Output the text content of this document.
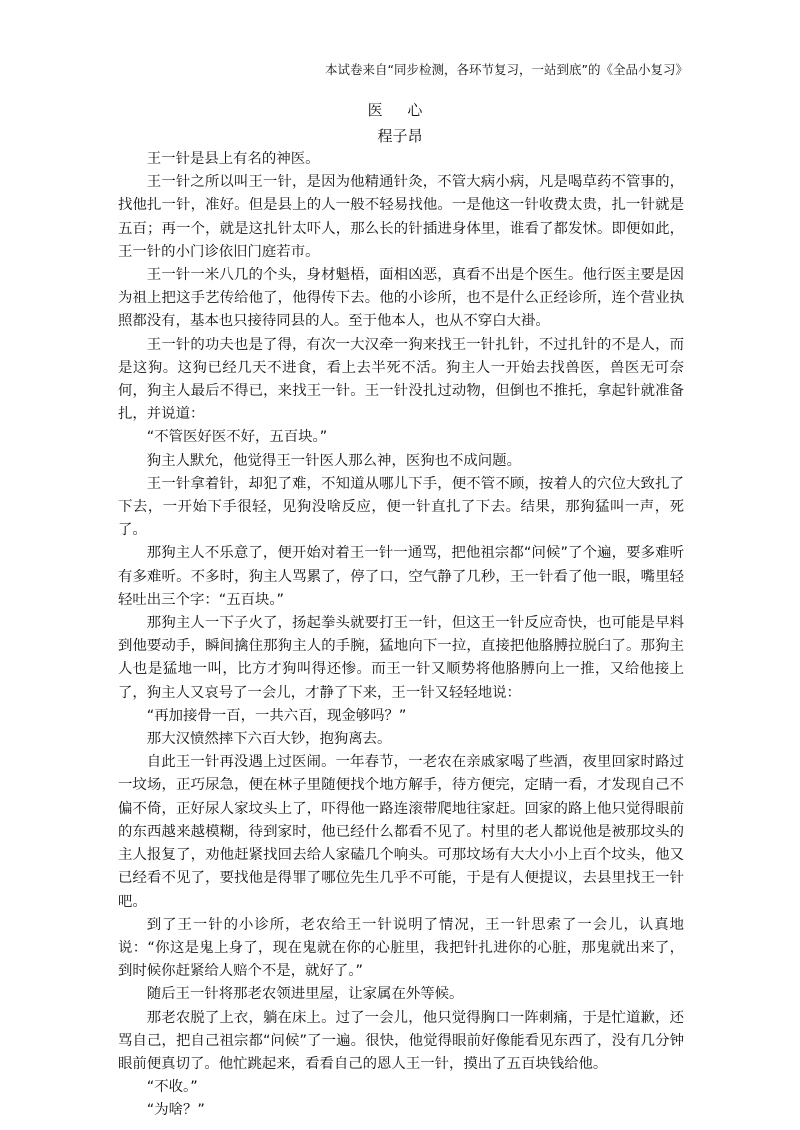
本试卷来自“同步检测，各环节复习，一站到底”的《全品小复习》
医 心
程子昂

王一针是县上有名的神医。

王一针之所以叫王一针，是因为他精通针灸，不管大病小病，凡是喝草药不管事的，找他扎一针，准好。但是县上的人一般不轻易找他。一是他这一针收费太贵，扎一针就是五百；再一个，就是这扎针太吓人，那么长的针插进身体里，谁看了都发怵。即便如此，王一针的小门诊依旧门庭若市。

王一针一米八几的个头，身材魁梧，面相凶恶，真看不出是个医生。他行医主要是因为祖上把这手艺传给他了，他得传下去。他的小诊所，也不是什么正经诊所，连个营业执照都没有，基本也只接待同县的人。至于他本人，也从不穿白大褂。

王一针的功夫也是了得，有次一大汉牵一狗来找王一针扎针，不过扎针的不是人，而是这狗。这狗已经几天不进食，看上去半死不活。狗主人一开始去找兽医，兽医无可奈何，狗主人最后不得已，来找王一针。王一针没扎过动物，但倒也不推托，拿起针就准备扎，并说道：

“不管医好医不好，五百块。”

狗主人默允，他觉得王一针医人那么神，医狗也不成问题。

王一针拿着针，却犯了难，不知道从哪儿下手，便不管不顾，按着人的穴位大致扎了下去，一开始下手很轻，见狗没啥反应，便一针直扎了下去。结果，那狗猛叫一声，死了。

那狗主人不乐意了，便开始对着王一针一通骂，把他祖宗都“问候”了个遍，要多难听有多难听。不多时，狗主人骂累了，停了口，空气静了几秒，王一针看了他一眼，嘴里轻轻吐出三个字：“五百块。”

那狗主人一下子火了，扬起拳头就要打王一针，但这王一针反应奇快，也可能是早料到他要动手，瞬间擒住那狗主人的手腕，猛地向下一拉，直接把他胳膊拉脱臼了。那狗主人也是猛地一叫，比方才狗叫得还惨。而王一针又顺势将他胳膊向上一推，又给他接上了，狗主人又哀号了一会儿，才静了下来，王一针又轻轻地说：

“再加接骨一百，一共六百，现金够吗？”

那大汉愤然摔下六百大钞，抱狗离去。

自此王一针再没遇上过医闹。一年春节，一老农在亲戚家喝了些酒，夜里回家时路过一坟场，正巧尿急，便在林子里随便找个地方解手，待方便完，定睛一看，才发现自己不偏不倚，正好尿人家坟头上了，吓得他一路连滚带爬地往家赶。回家的路上他只觉得眼前的东西越来越模糊，待到家时，他已经什么都看不见了。村里的老人都说他是被那坟头的主人报复了，劝他赶紧找回去给人家磕几个响头。可那坟场有大大小小上百个坟头，他又已经看不见了，要找他是得罪了哪位先生几乎不可能，于是有人便提议，去县里找王一针吧。

到了王一针的小诊所，老农给王一针说明了情况，王一针思索了一会儿，认真地说：“你这是鬼上身了，现在鬼就在你的心脏里，我把针扎进你的心脏，那鬼就出来了，到时候你赶紧给人赔个不是，就好了。”

随后王一针将那老农领进里屋，让家属在外等候。

那老农脱了上衣，躺在床上。过了一会儿，他只觉得胸口一阵刺痛，于是忙道歉，还骂自己，把自己祖宗都“问候”了一遍。很快，他觉得眼前好像能看见东西了，没有几分钟眼前便真切了。他忙跳起来，看看自己的恩人王一针，摸出了五百块钱给他。

“不收。”

“为啥？”
